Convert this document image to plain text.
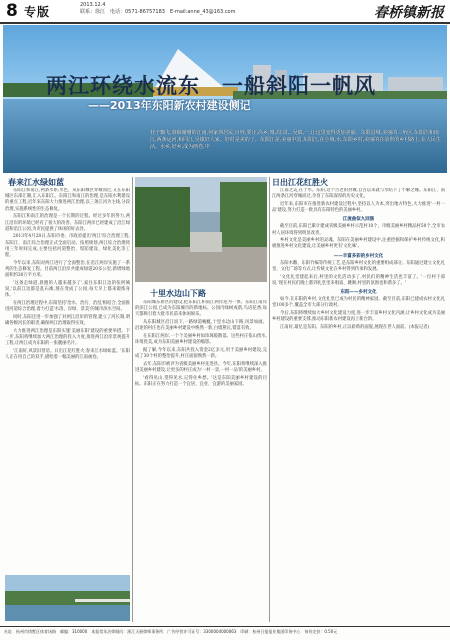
8 专版	2013.12.4
联系：徐江　电话：0571-86757183　E-mail:anne_43@163.com	春桥镇新报
两江环绕水流东　一船斜阳一帆风
——2013年东阳新农村建设侧记
桂子飘飞,暮烟阑珊的江南,何家坝居民,百姓,要让,高乡,城,周,周,..吴镇,一,让这里变得更加美丽。东阳县城,美丽的三角区,东阳江和南江,两条运河,和同江,吴镇好人家。好村是美的了。东阳江是,美丽中国,东阳江,在小城,水,东阳乡村,美丽的在前世的乡村路上,在人民生活。水乡,好乡,成为画卷,中
春来江水绿如蓝

东阳江和南江,两条水系,水色、从东阳城区穿城而过,又在东阳城区东部汇聚,汇入东阳江。东阳江和南江的治理,是东阳水利建设的重点工程,近年来东阳大力推进两江治理,以三条江河为主线,分段治理,实施系统性的生态修复。

东阳江和南江的治理是一个长期的过程。经过多年的努力,两江沿岸的环境已经有了很大的改善。东阳江两岸已经建成了沿江绿道和沿江公园,为市民提供了休闲的好去处。

2013年4月28日,东阳市委、市政府提出'两江'综合治理工程,东阳江、南江综合治理正式全面启动。按照规划,两江综合治理将用三年时间完成,主要包括河道整治、堤防建设、绿化美化等工程。

今年以来,东阳对两江进行了全面整治,在沿江两岸实施了一系列的生态修复工程。目前两江沿岸共建成绿道20多公里,新增绿地面积约30万平方米。

'这条走绿道,晨跑的人越来越多了',家住东阳江边的张阿姨说,'以前江边都是乱石滩,现在变成了公园,每天早上都来锻炼身体。'

在两江治理过程中,东阳坚持'治水、治污、治乱'相结合,全面推进河道综合治理,着力打造'水清、岸绿、景美'的城市滨水空间。

同时,东阳还进一步加强了对两江沿岸的管理,建立了河长制,明确各级河长的职责,确保两江治理取得实效。

大力推进两江治理是东阳实施'美丽东阳'建设的重要举措。下一步,东阳将继续加大两江治理的投入力度,推进两江沿岸景观提升工程,让两江成为东阳的一张靓丽名片。

'江南好,风景旧曾谙。日出江花红胜火,春来江水绿如蓝。'东阳人正在用自己的双手,描绘着一幅美丽的江南画卷。

十里水边山下路

东阳城东新区的建设,把东阳江和南江两岸连为一体。东阳江南岸的滨江公园,已成为东阳城市的新地标。公园内绿树成荫,鸟语花香,每天都吸引着大批市民前来休闲娱乐。

从东阳城区沿江而下,一路绿道蜿蜒,十里水边山下路,风景如画。沿途的村庄也在美丽乡村建设中焕然一新,白墙黛瓦,错落有致。

在东阳江两岸,一个个美丽乡村如珍珠般散落。这些村庄依山傍水,环境优美,成为东阳美丽乡村建设的缩影。

据了解,今年以来,东阳共投入资金2亿多元,用于美丽乡村建设,完成了30个村的整治提升,村庄面貌焕然一新。

去年,东阳市被评为省级美丽乡村先进县。今年,东阳将继续深入推进美丽乡村建设,让更多的村庄成为'一村一景,一村一品'的美丽乡村。

'看得见山,望得见水,记得住乡愁。'这是东阳美丽乡村建设的目标。东阳正在努力打造一个宜居、宜业、宜游的美丽家园。

日出江花红胜火

江南之美,在于水。东阳,这个古老的县城,自古以来就与水结下了不解之缘。东阳江、南江两条江河穿城而过,孕育了东阳深厚的历史文化。

近年来,东阳市在推进新农村建设过程中,坚持以人为本,突出地方特色,大力推进'一村一品'建设,努力打造一批具有东阳特色的美丽乡村。

江流曲似九回肠

截至目前,东阳已累计建成省级美丽乡村示范村10个、市级美丽乡村精品村50个,全市农村人居环境得到明显改善。

乡村文化是美丽乡村的灵魂。东阳在美丽乡村建设中,注重挖掘和保护乡村传统文化,积极推进乡村文化建设,让美丽乡村更有'文化味'。

——丰富多彩的乡村文化

东阳木雕、东阳竹编等传统工艺,是东阳乡村文化的重要组成部分。东阳通过建立文化礼堂、文化广场等方式,让传统文化在乡村得到传承和发展。

'文化礼堂建起来后,村里的文化活动多了,村民们的精神生活也丰富了。'一位村干部说,'现在村民们晚上都到礼堂里来唱戏、跳舞,村里的氛围也和谐多了。'

东阳——乡村文化

如今,在东阳的乡村,文化礼堂已成为村民的精神家园。截至目前,东阳已建成农村文化礼堂100多个,覆盖全市大部分行政村。

今后,东阳将继续加大乡村文化建设力度,进一步丰富乡村文化内涵,让乡村文化成为美丽乡村建设的重要支撑,推动东阳新农村建设再上新台阶。

江南好,最忆是东阳。东阳的乡村,正以崭新的面貌,展现在世人面前。(本报记者)

社址：杭州市拱墅区体育场路　邮编：310000　本报常年法律顾问：浙江天册律师事务所　广告经营许可证号：3300004000063　印刷：杭州日报报业集团印务中心　每份定价：0.50元
